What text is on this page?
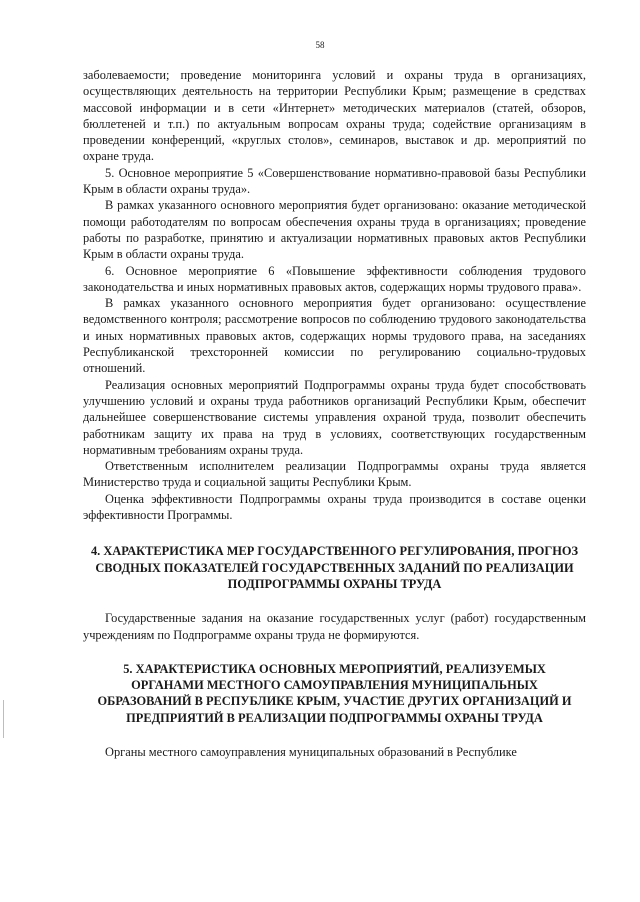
58

заболеваемости; проведение мониторинга условий и охраны труда в организациях, осуществляющих деятельность на территории Республики Крым; размещение в средствах массовой информации и в сети «Интернет» методических материалов (статей, обзоров, бюллетеней и т.п.) по актуальным вопросам охраны труда; содействие организациям в проведении конференций, «круглых столов», семинаров, выставок и др. мероприятий по охране труда.

5. Основное мероприятие 5 «Совершенствование нормативно-правовой базы Республики Крым в области охраны труда».

В рамках указанного основного мероприятия будет организовано: оказание методической помощи работодателям по вопросам обеспечения охраны труда в организациях; проведение работы по разработке, принятию и актуализации нормативных правовых актов Республики Крым в области охраны труда.

6. Основное мероприятие 6 «Повышение эффективности соблюдения трудового законодательства и иных нормативных правовых актов, содержащих нормы трудового права».

В рамках указанного основного мероприятия будет организовано: осуществление ведомственного контроля; рассмотрение вопросов по соблюдению трудового законодательства и иных нормативных правовых актов, содержащих нормы трудового права, на заседаниях Республиканской трехсторонней комиссии по регулированию социально-трудовых отношений.

Реализация основных мероприятий Подпрограммы охраны труда будет способствовать улучшению условий и охраны труда работников организаций Республики Крым, обеспечит дальнейшее совершенствование системы управления охраной труда, позволит обеспечить работникам защиту их права на труд в условиях, соответствующих государственным нормативным требованиям охраны труда.

Ответственным исполнителем реализации Подпрограммы охраны труда является Министерство труда и социальной защиты Республики Крым.

Оценка эффективности Подпрограммы охраны труда производится в составе оценки эффективности Программы.

4. ХАРАКТЕРИСТИКА МЕР ГОСУДАРСТВЕННОГО РЕГУЛИРОВАНИЯ, ПРОГНОЗ СВОДНЫХ ПОКАЗАТЕЛЕЙ ГОСУДАРСТВЕННЫХ ЗАДАНИЙ ПО РЕАЛИЗАЦИИ ПОДПРОГРАММЫ ОХРАНЫ ТРУДА

Государственные задания на оказание государственных услуг (работ) государственным учреждениям по Подпрограмме охраны труда не формируются.

5. ХАРАКТЕРИСТИКА ОСНОВНЫХ МЕРОПРИЯТИЙ, РЕАЛИЗУЕМЫХ ОРГАНАМИ МЕСТНОГО САМОУПРАВЛЕНИЯ МУНИЦИПАЛЬНЫХ ОБРАЗОВАНИЙ В РЕСПУБЛИКЕ КРЫМ, УЧАСТИЕ ДРУГИХ ОРГАНИЗАЦИЙ И ПРЕДПРИЯТИЙ В РЕАЛИЗАЦИИ ПОДПРОГРАММЫ ОХРАНЫ ТРУДА

Органы местного самоуправления муниципальных образований в Республике
